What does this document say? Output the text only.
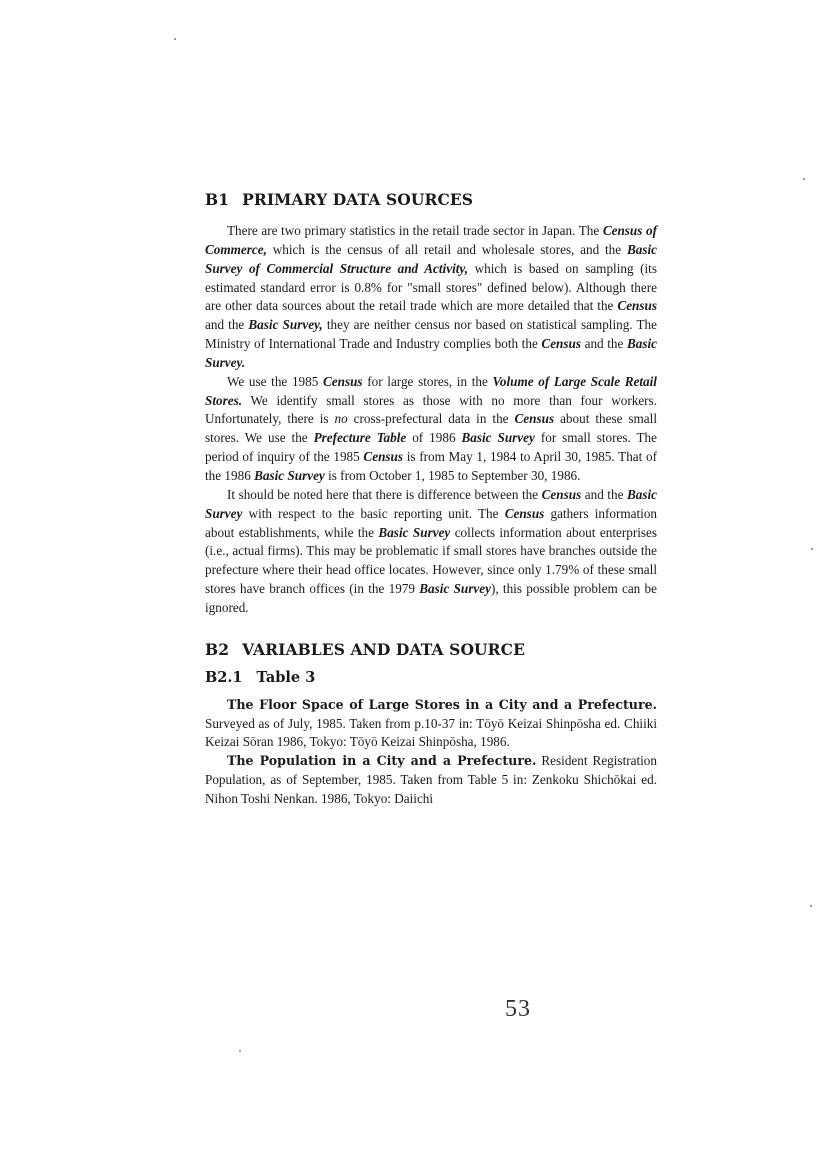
B1 PRIMARY DATA SOURCES

There are two primary statistics in the retail trade sector in Japan. The Census of Commerce, which is the census of all retail and wholesale stores, and the Basic Survey of Commercial Structure and Activity, which is based on sampling (its estimated standard error is 0.8% for "small stores" defined below). Although there are other data sources about the retail trade which are more detailed that the Census and the Basic Survey, they are neither census nor based on statistical sampling. The Ministry of International Trade and Industry complies both the Census and the Basic Survey.

We use the 1985 Census for large stores, in the Volume of Large Scale Retail Stores. We identify small stores as those with no more than four workers. Unfortunately, there is no cross-prefectural data in the Census about these small stores. We use the Prefecture Table of 1986 Basic Survey for small stores. The period of inquiry of the 1985 Census is from May 1, 1984 to April 30, 1985. That of the 1986 Basic Survey is from October 1, 1985 to September 30, 1986.

It should be noted here that there is difference between the Census and the Basic Survey with respect to the basic reporting unit. The Census gathers information about establishments, while the Basic Survey collects information about enterprises (i.e., actual firms). This may be problematic if small stores have branches outside the prefecture where their head office locates. However, since only 1.79% of these small stores have branch offices (in the 1979 Basic Survey), this possible problem can be ignored.

B2 VARIABLES AND DATA SOURCE
B2.1 Table 3

The Floor Space of Large Stores in a City and a Prefecture. Surveyed as of July, 1985. Taken from p.10-37 in: Tōyō Keizai Shinpōsha ed. Chiiki Keizai Sōran 1986, Tokyo: Tōyō Keizai Shinpōsha, 1986.

The Population in a City and a Prefecture. Resident Registration Population, as of September, 1985. Taken from Table 5 in: Zenkoku Shichōkai ed. Nihon Toshi Nenkan. 1986, Tokyo: Daiichi

53
